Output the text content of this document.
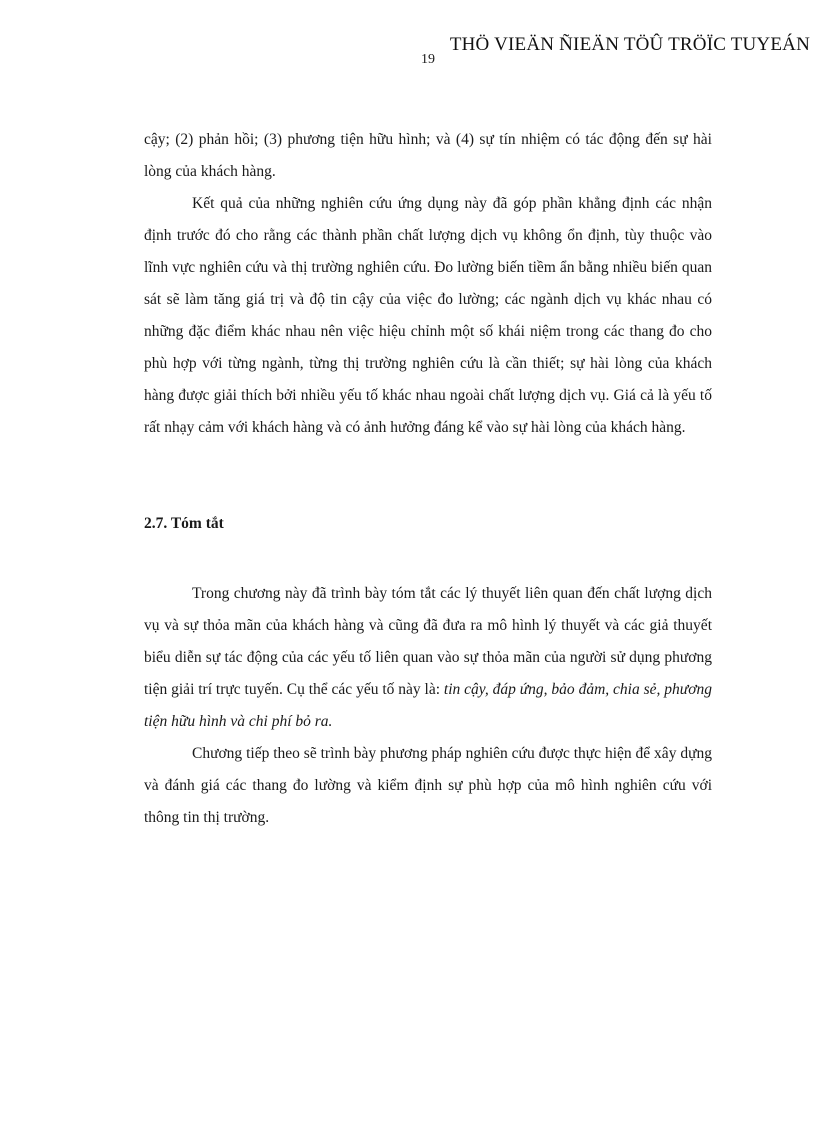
19
THÖ VIEÄN ÑIEÄN TÖÛ TRÖÏC TUYEÁN

cậy; (2) phản hồi; (3) phương tiện hữu hình; và (4) sự tín nhiệm có tác động đến sự hài lòng của khách hàng.

Kết quả của những nghiên cứu ứng dụng này đã góp phần khẳng định các nhận định trước đó cho rằng các thành phần chất lượng dịch vụ không ổn định, tùy thuộc vào lĩnh vực nghiên cứu và thị trường nghiên cứu. Đo lường biến tiềm ẩn bằng nhiều biến quan sát sẽ làm tăng giá trị và độ tin cậy của việc đo lường; các ngành dịch vụ khác nhau có những đặc điểm khác nhau nên việc hiệu chỉnh một số khái niệm trong các thang đo cho phù hợp với từng ngành, từng thị trường nghiên cứu là cần thiết; sự hài lòng của khách hàng được giải thích bởi nhiều yếu tố khác nhau ngoài chất lượng dịch vụ. Giá cả là yếu tố rất nhạy cảm với khách hàng và có ảnh hưởng đáng kể vào sự hài lòng của khách hàng.

2.7. Tóm tắt

Trong chương này đã trình bày tóm tắt các lý thuyết liên quan đến chất lượng dịch vụ và sự thỏa mãn của khách hàng và cũng đã đưa ra mô hình lý thuyết và các giả thuyết biểu diễn sự tác động của các yếu tố liên quan vào sự thỏa mãn của người sử dụng phương tiện giải trí trực tuyến. Cụ thể các yếu tố này là: tin cậy, đáp ứng, bảo đảm, chia sẻ, phương tiện hữu hình và chi phí bỏ ra.

Chương tiếp theo sẽ trình bày phương pháp nghiên cứu được thực hiện để xây dựng và đánh giá các thang đo lường và kiểm định sự phù hợp của mô hình nghiên cứu với thông tin thị trường.
